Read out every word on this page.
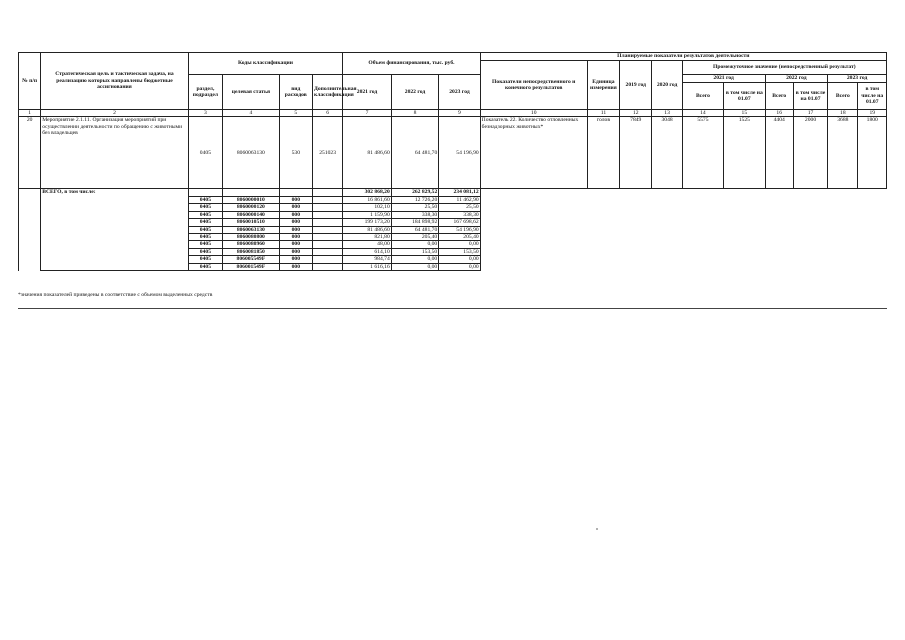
№ п/п	Стратегическая цель и тактическая задача, на реализацию которых направлены бюджетные ассигнования	Коды классификации				Объем финансирования, тыс. руб.			Планируемые показатели результатов деятельности									
									Показатели непосредственного и конечного результатов	Единица измерения	2019 год	2020 год	Промежуточное значение (непосредственный результат)					
		раздел, подраздел	целевая статья	вид расходов	Дополнительная классификация	2021 год	2022 год	2023 год					2021 год		2022 год		2023 год	
													Всего	в том числе на 01.07	Всего	в том числе на 01.07	Всего	в том числе на 01.07
1	2	3	4	5	6	7	8	9	10	11	12	13	14	15	16	17	18	19
20	Мероприятие 2.1.11. Организация мероприятий при осуществлении деятельности по обращению с животными без владельцев	0405	8060063130	530	251023	81 486,60	64 481,70	54 196,90	Показатель 22. Количество отловленных безнадзорных животных*	голов	7849	3048	5575	1525	4404	2000	3688	1800
	ВСЕГО, в том числе:					302 868,20	262 829,52	234 081,12										
		0405	8060000010	000		16 861,60	12 726,20	11 462,90										
		0405	8060000120	000		102,10	25,50	25,50										
		0405	8060000140	000		1 159,90	338,30	338,30										
		0405	8060010510	000		199 173,20	184 898,92	167 698,62										
		0405	8060063130	000		81 486,60	64 481,70	54 196,90										
		0405	8060080800	000		821,80	205,40	205,40										
		0405	8060080960	000		48,00	0,00	0,00										
		0405	8060081850	000		614,10	153,50	153,50										
		0405	806005549F	000		984,74	0,00	0,00										
		0405	806001549F	000		1 616,16	0,00	0,00										
*значения показателей приведены в соответствие с объемом выделенных средств
